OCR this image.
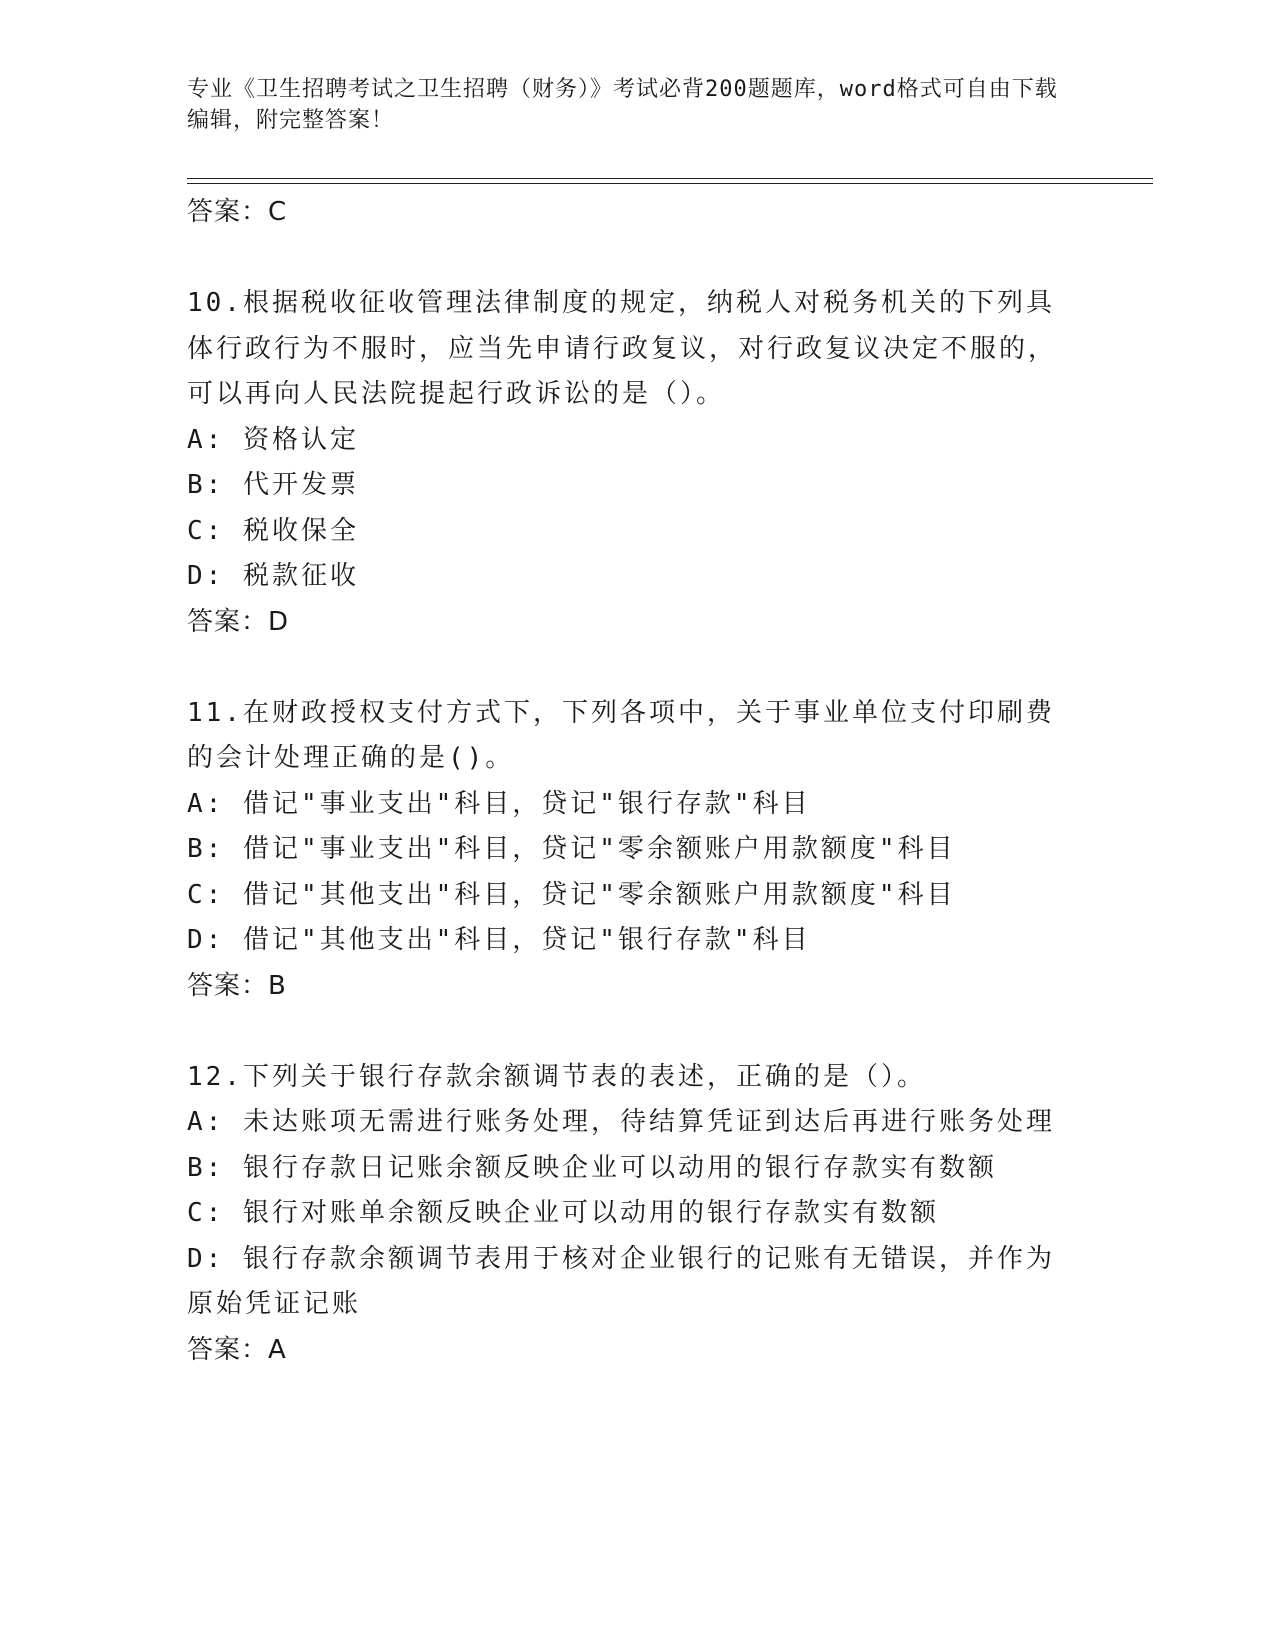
专业《卫生招聘考试之卫生招聘（财务）》考试必背200题题库，word格式可自由下载编辑，附完整答案！
答案：C
10.根据税收征收管理法律制度的规定，纳税人对税务机关的下列具体行政行为不服时，应当先申请行政复议，对行政复议决定不服的，可以再向人民法院提起行政诉讼的是（）。
A: 资格认定
B: 代开发票
C: 税收保全
D: 税款征收
答案：D
11.在财政授权支付方式下，下列各项中，关于事业单位支付印刷费的会计处理正确的是()。
A: 借记"事业支出"科目，贷记"银行存款"科目
B: 借记"事业支出"科目，贷记"零余额账户用款额度"科目
C: 借记"其他支出"科目，贷记"零余额账户用款额度"科目
D: 借记"其他支出"科目，贷记"银行存款"科目
答案：B
12.下列关于银行存款余额调节表的表述，正确的是（）。
A: 未达账项无需进行账务处理，待结算凭证到达后再进行账务处理
B: 银行存款日记账余额反映企业可以动用的银行存款实有数额
C: 银行对账单余额反映企业可以动用的银行存款实有数额
D: 银行存款余额调节表用于核对企业银行的记账有无错误，并作为原始凭证记账
答案：A
